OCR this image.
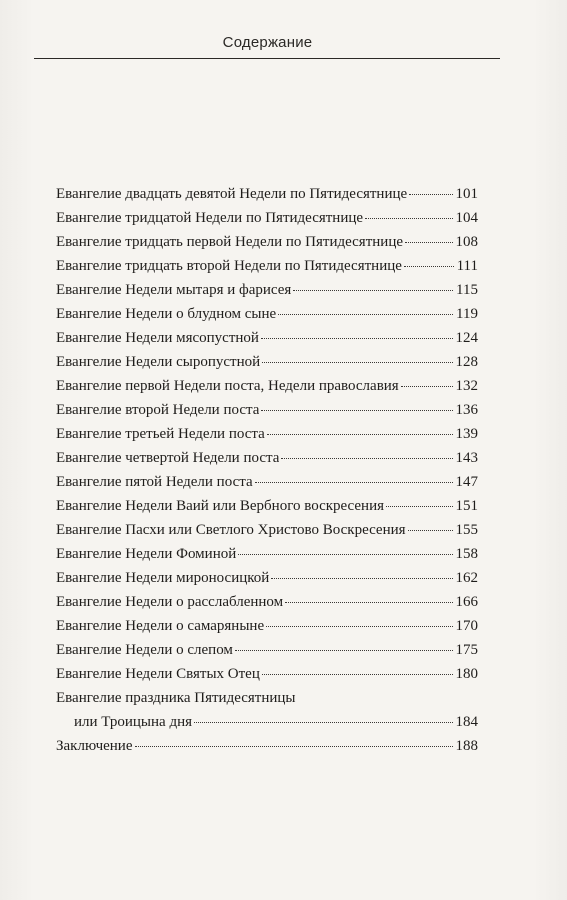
Содержание
Евангелие двадцать девятой Недели по Пятидесятнице	101
Евангелие тридцатой Недели по Пятидесятнице	104
Евангелие тридцать первой Недели по Пятидесятнице	108
Евангелие тридцать второй Недели по Пятидесятнице	111
Евангелие Недели мытаря и фарисея	115
Евангелие Недели о блудном сыне	119
Евангелие Недели мясопустной	124
Евангелие Недели сыропустной	128
Евангелие первой Недели поста, Недели православия	132
Евангелие второй Недели поста	136
Евангелие третьей Недели поста	139
Евангелие четвертой Недели поста	143
Евангелие пятой Недели поста	147
Евангелие Недели Ваий или Вербного воскресения	151
Евангелие Пасхи или Светлого Христово Воскресения	155
Евангелие Недели Фоминой	158
Евангелие Недели мироносицкой	162
Евангелие Недели о расслабленном	166
Евангелие Недели о самаряныне	170
Евангелие Недели о слепом	175
Евангелие Недели Святых Отец	180
Евангелие праздника Пятидесятницы
или Троицына дня	184
Заключение	188
